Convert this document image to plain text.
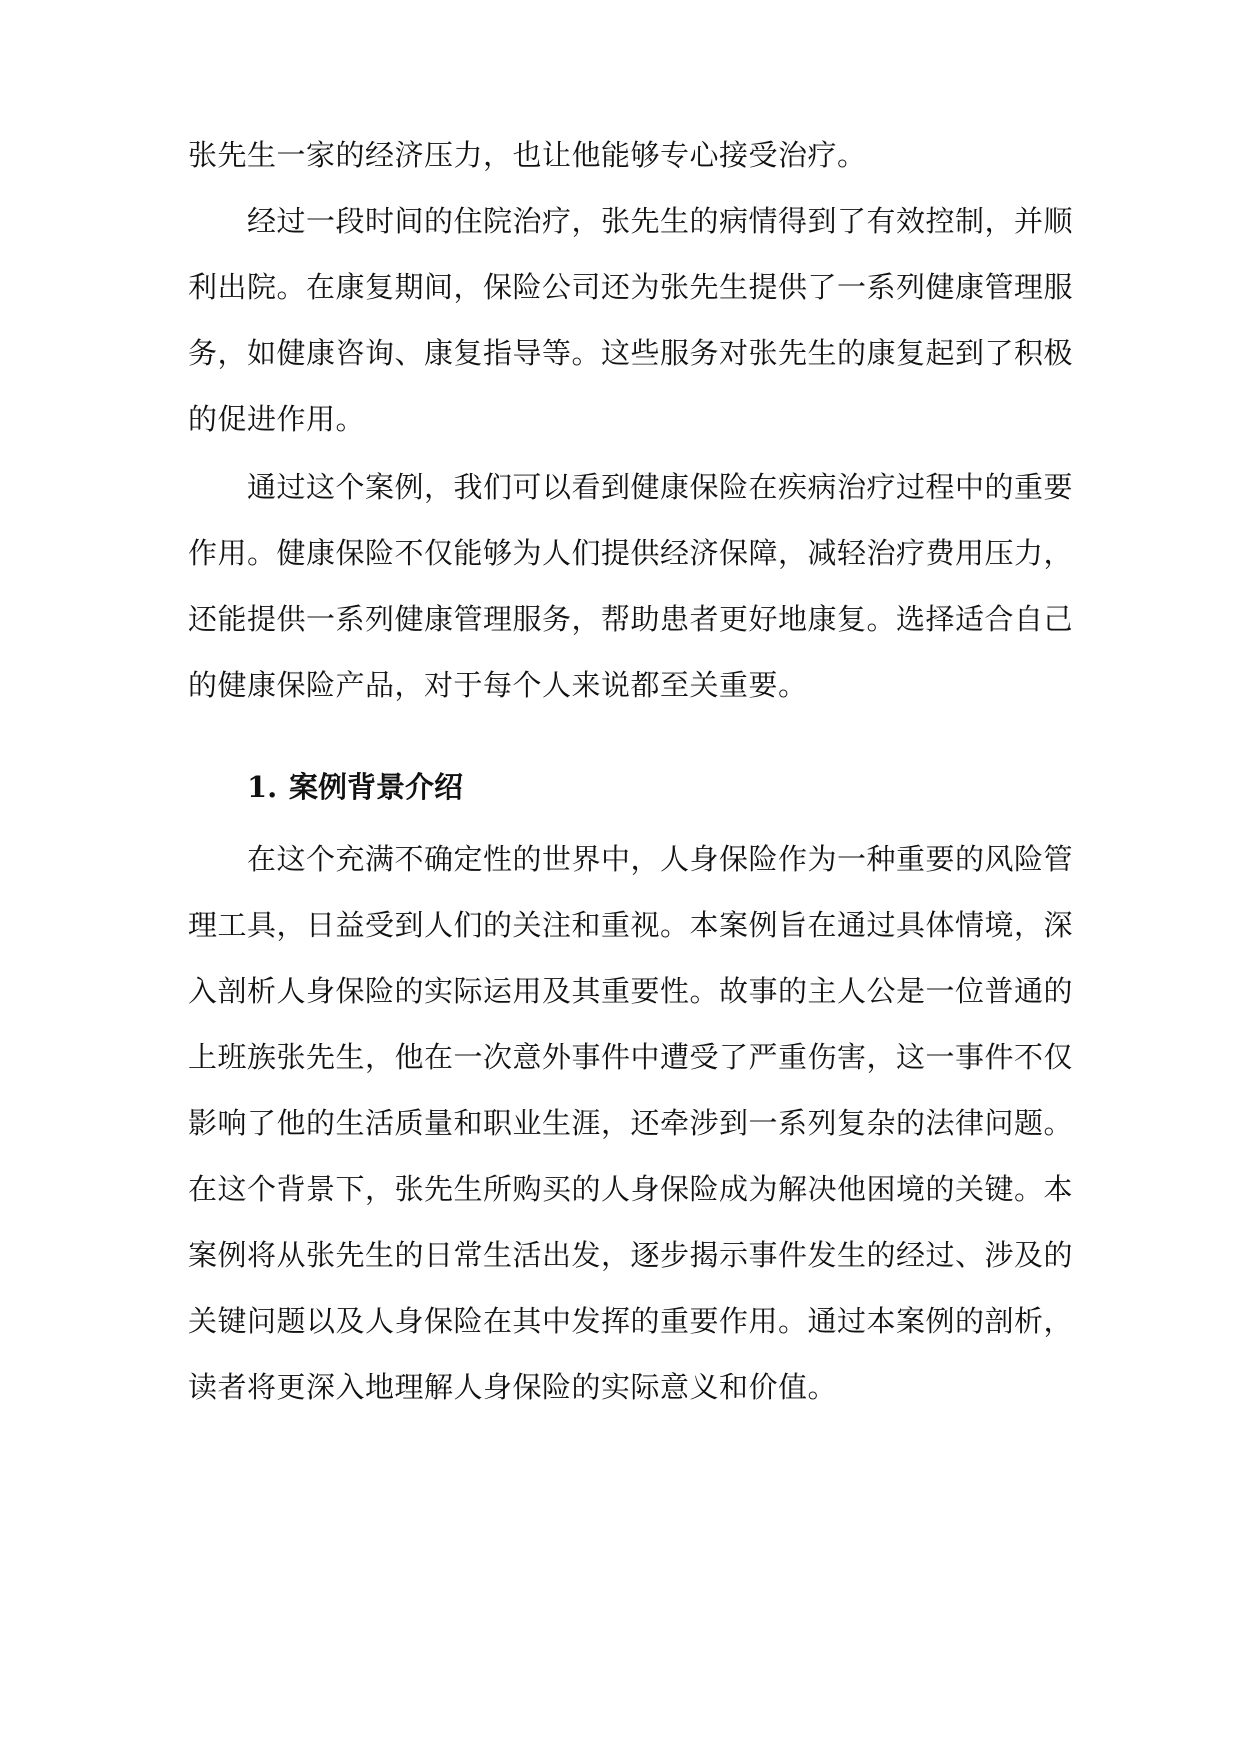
张先生一家的经济压力，也让他能够专心接受治疗。
经过一段时间的住院治疗，张先生的病情得到了有效控制，并顺
利出院。在康复期间，保险公司还为张先生提供了一系列健康管理服
务，如健康咨询、康复指导等。这些服务对张先生的康复起到了积极
的促进作用。
通过这个案例，我们可以看到健康保险在疾病治疗过程中的重要
作用。健康保险不仅能够为人们提供经济保障，减轻治疗费用压力，
还能提供一系列健康管理服务，帮助患者更好地康复。选择适合自己
的健康保险产品，对于每个人来说都至关重要。
1. 案例背景介绍
在这个充满不确定性的世界中，人身保险作为一种重要的风险管
理工具，日益受到人们的关注和重视。本案例旨在通过具体情境，深
入剖析人身保险的实际运用及其重要性。故事的主人公是一位普通的
上班族张先生，他在一次意外事件中遭受了严重伤害，这一事件不仅
影响了他的生活质量和职业生涯，还牵涉到一系列复杂的法律问题。
在这个背景下，张先生所购买的人身保险成为解决他困境的关键。本
案例将从张先生的日常生活出发，逐步揭示事件发生的经过、涉及的
关键问题以及人身保险在其中发挥的重要作用。通过本案例的剖析，
读者将更深入地理解人身保险的实际意义和价值。
